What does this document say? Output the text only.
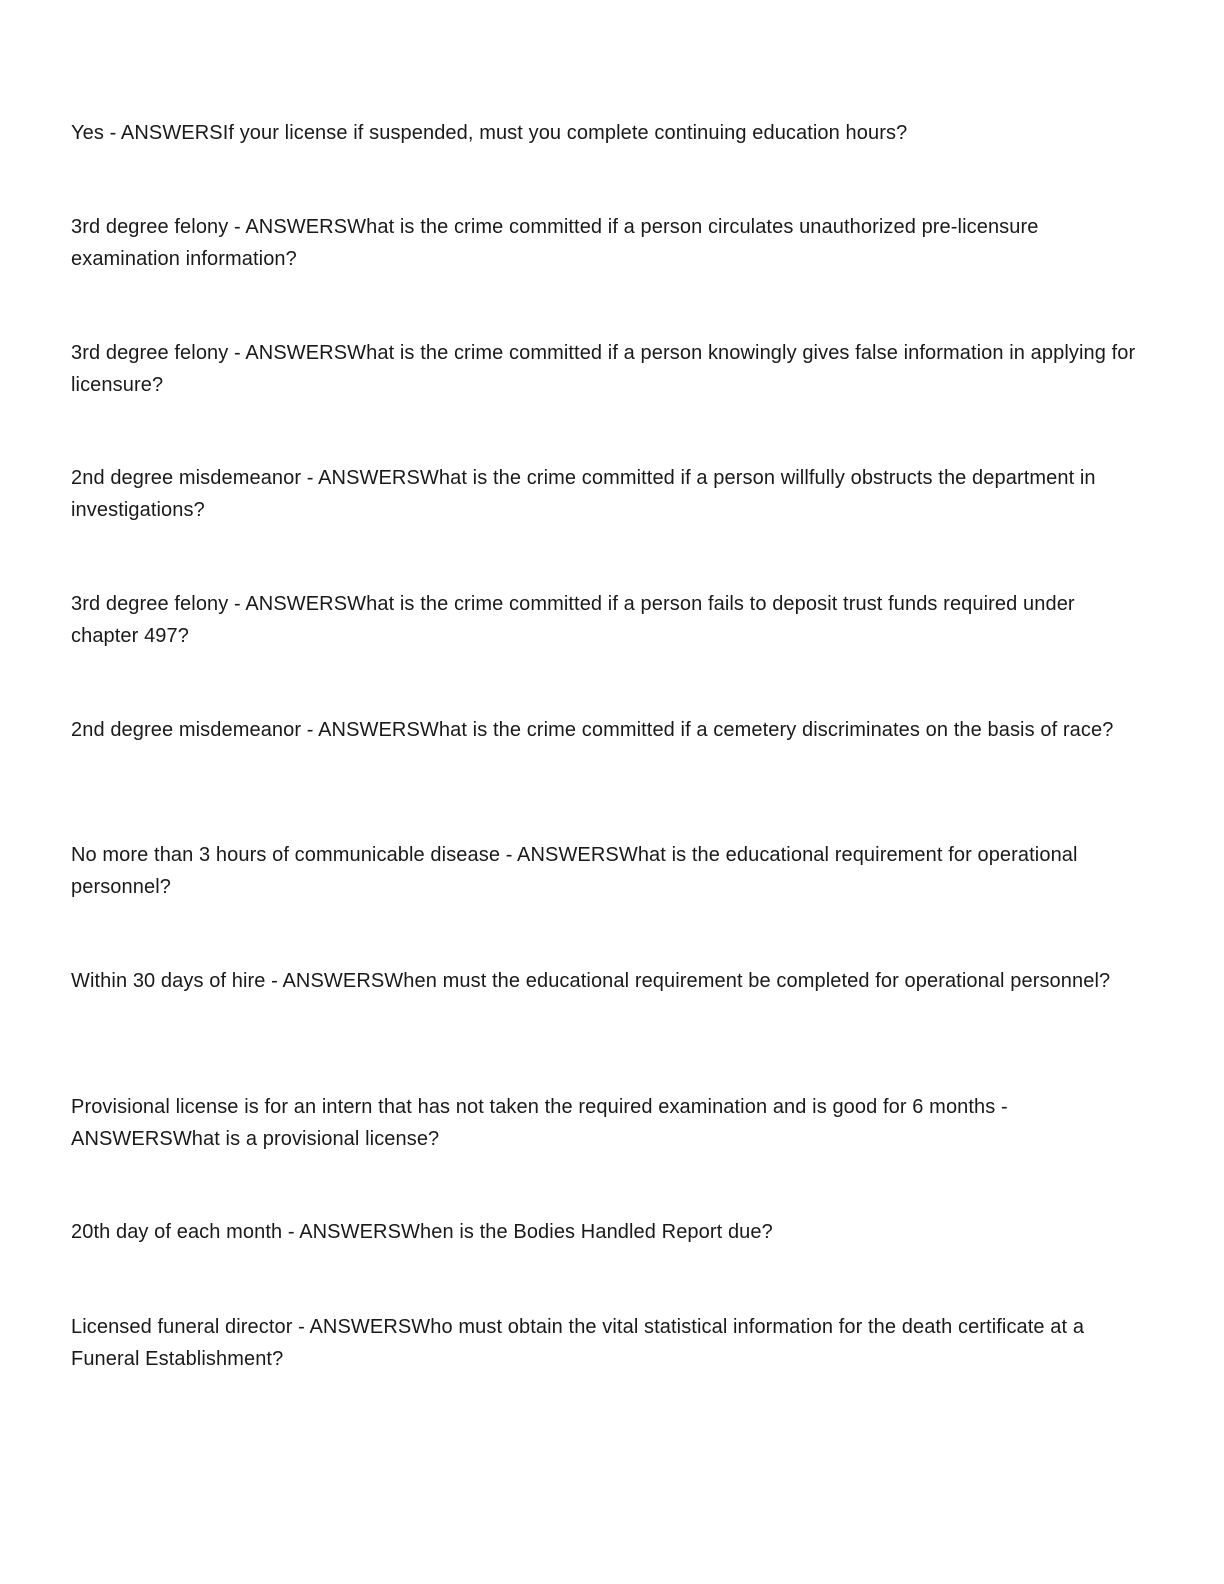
Yes - ANSWERSIf your license if suspended, must you complete continuing education hours?

3rd degree felony - ANSWERSWhat is the crime committed if a person circulates unauthorized pre-licensure examination information?

3rd degree felony - ANSWERSWhat is the crime committed if a person knowingly gives false information in applying for licensure?

2nd degree misdemeanor - ANSWERSWhat is the crime committed if a person willfully obstructs the department in investigations?

3rd degree felony - ANSWERSWhat is the crime committed if a person fails to deposit trust funds required under chapter 497?

2nd degree misdemeanor - ANSWERSWhat is the crime committed if a cemetery discriminates on the basis of race?

No more than 3 hours of communicable disease - ANSWERSWhat is the educational requirement for operational personnel?

Within 30 days of hire - ANSWERSWhen must the educational requirement be completed for operational personnel?

Provisional license is for an intern that has not taken the required examination and is good for 6 months - ANSWERSWhat is a provisional license?

20th day of each month - ANSWERSWhen is the Bodies Handled Report due?

Licensed funeral director - ANSWERSWho must obtain the vital statistical information for the death certificate at a Funeral Establishment?
